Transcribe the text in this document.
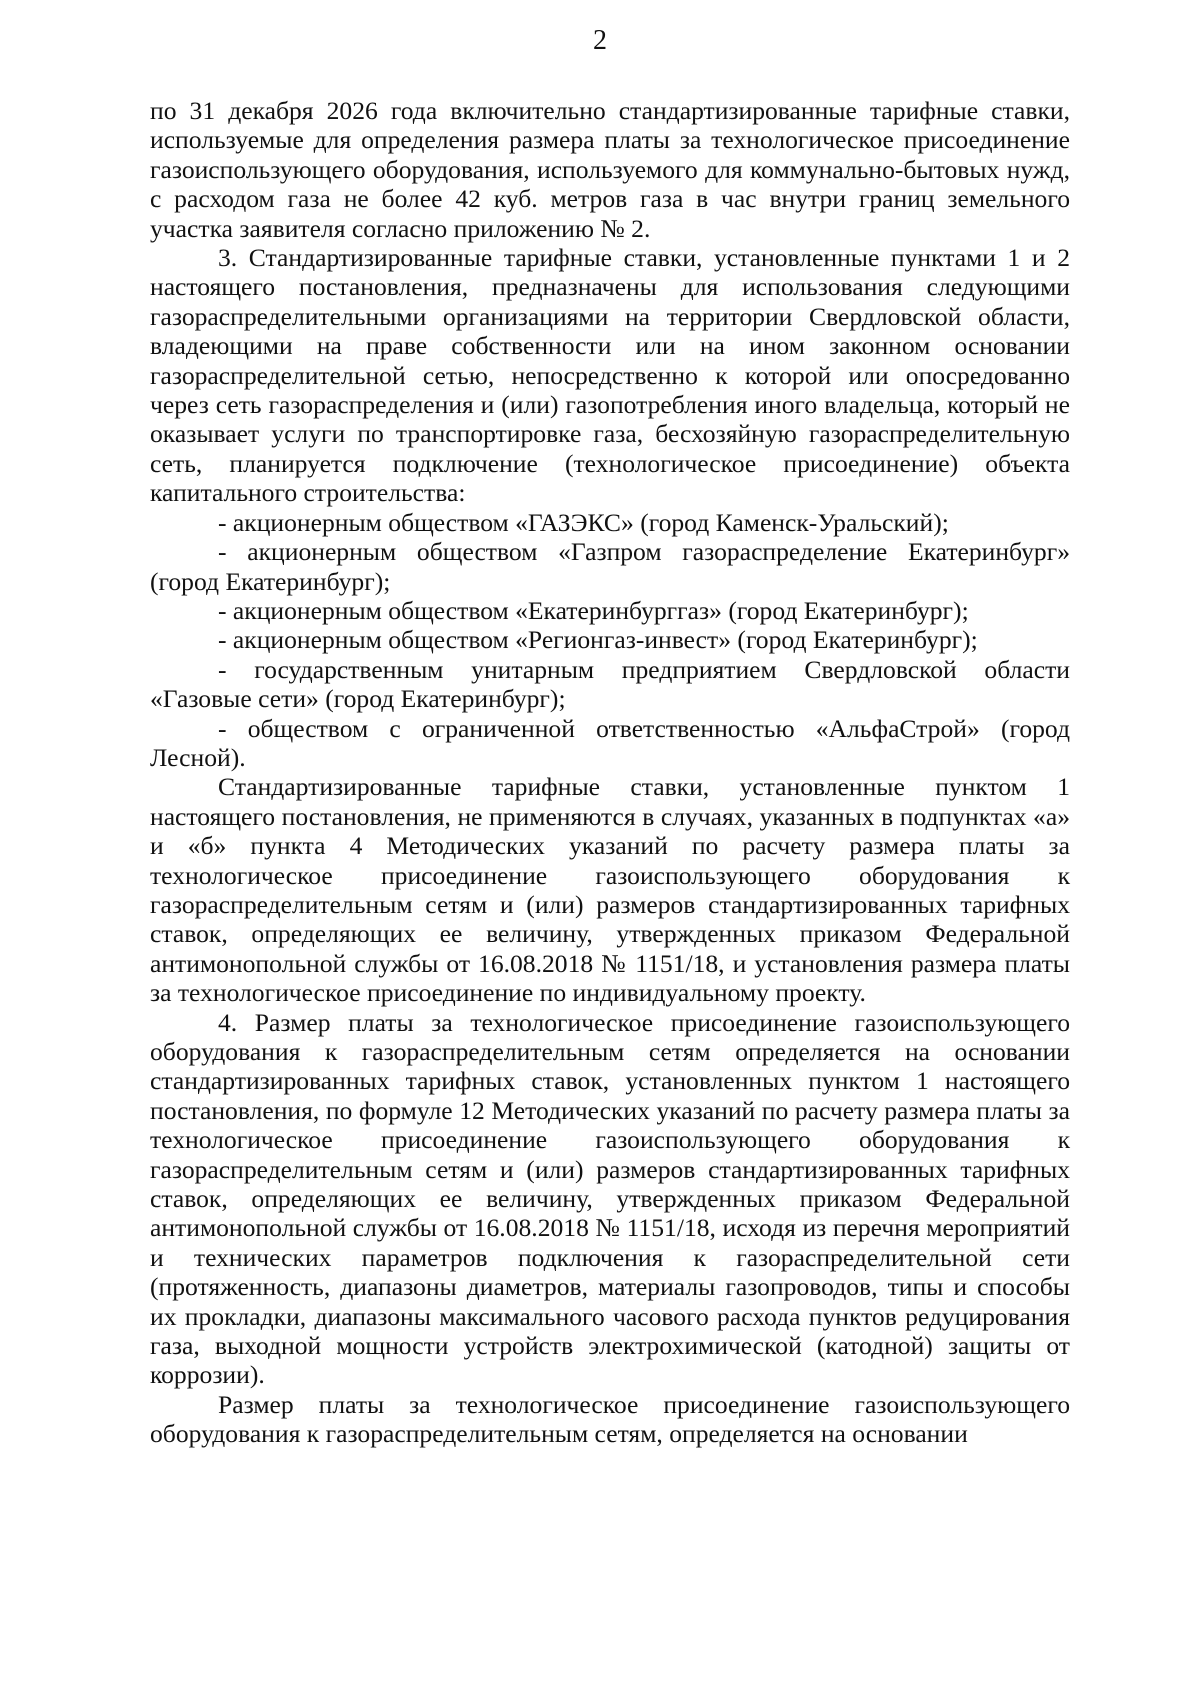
2

по 31 декабря 2026 года включительно стандартизированные тарифные ставки, используемые для определения размера платы за технологическое присоединение газоиспользующего оборудования, используемого для коммунально-бытовых нужд, с расходом газа не более 42 куб. метров газа в час внутри границ земельного участка заявителя согласно приложению № 2.

3. Стандартизированные тарифные ставки, установленные пунктами 1 и 2 настоящего постановления, предназначены для использования следующими газораспределительными организациями на территории Свердловской области, владеющими на праве собственности или на ином законном основании газораспределительной сетью, непосредственно к которой или опосредованно через сеть газораспределения и (или) газопотребления иного владельца, который не оказывает услуги по транспортировке газа, бесхозяйную газораспределительную сеть, планируется подключение (технологическое присоединение) объекта капитального строительства:

- акционерным обществом «ГАЗЭКС» (город Каменск-Уральский);

- акционерным обществом «Газпром газораспределение Екатеринбург» (город Екатеринбург);

- акционерным обществом «Екатеринбурггаз» (город Екатеринбург);

- акционерным обществом «Регионгаз-инвест» (город Екатеринбург);

- государственным унитарным предприятием Свердловской области «Газовые сети» (город Екатеринбург);

- обществом с ограниченной ответственностью «АльфаСтрой» (город Лесной).

Стандартизированные тарифные ставки, установленные пунктом 1 настоящего постановления, не применяются в случаях, указанных в подпунктах «а» и «б» пункта 4 Методических указаний по расчету размера платы за технологическое присоединение газоиспользующего оборудования к газораспределительным сетям и (или) размеров стандартизированных тарифных ставок, определяющих ее величину, утвержденных приказом Федеральной антимонопольной службы от 16.08.2018 № 1151/18, и установления размера платы за технологическое присоединение по индивидуальному проекту.

4. Размер платы за технологическое присоединение газоиспользующего оборудования к газораспределительным сетям определяется на основании стандартизированных тарифных ставок, установленных пунктом 1 настоящего постановления, по формуле 12 Методических указаний по расчету размера платы за технологическое присоединение газоиспользующего оборудования к газораспределительным сетям и (или) размеров стандартизированных тарифных ставок, определяющих ее величину, утвержденных приказом Федеральной антимонопольной службы от 16.08.2018 № 1151/18, исходя из перечня мероприятий и технических параметров подключения к газораспределительной сети (протяженность, диапазоны диаметров, материалы газопроводов, типы и способы их прокладки, диапазоны максимального часового расхода пунктов редуцирования газа, выходной мощности устройств электрохимической (катодной) защиты от коррозии).

Размер платы за технологическое присоединение газоиспользующего оборудования к газораспределительным сетям, определяется на основании
